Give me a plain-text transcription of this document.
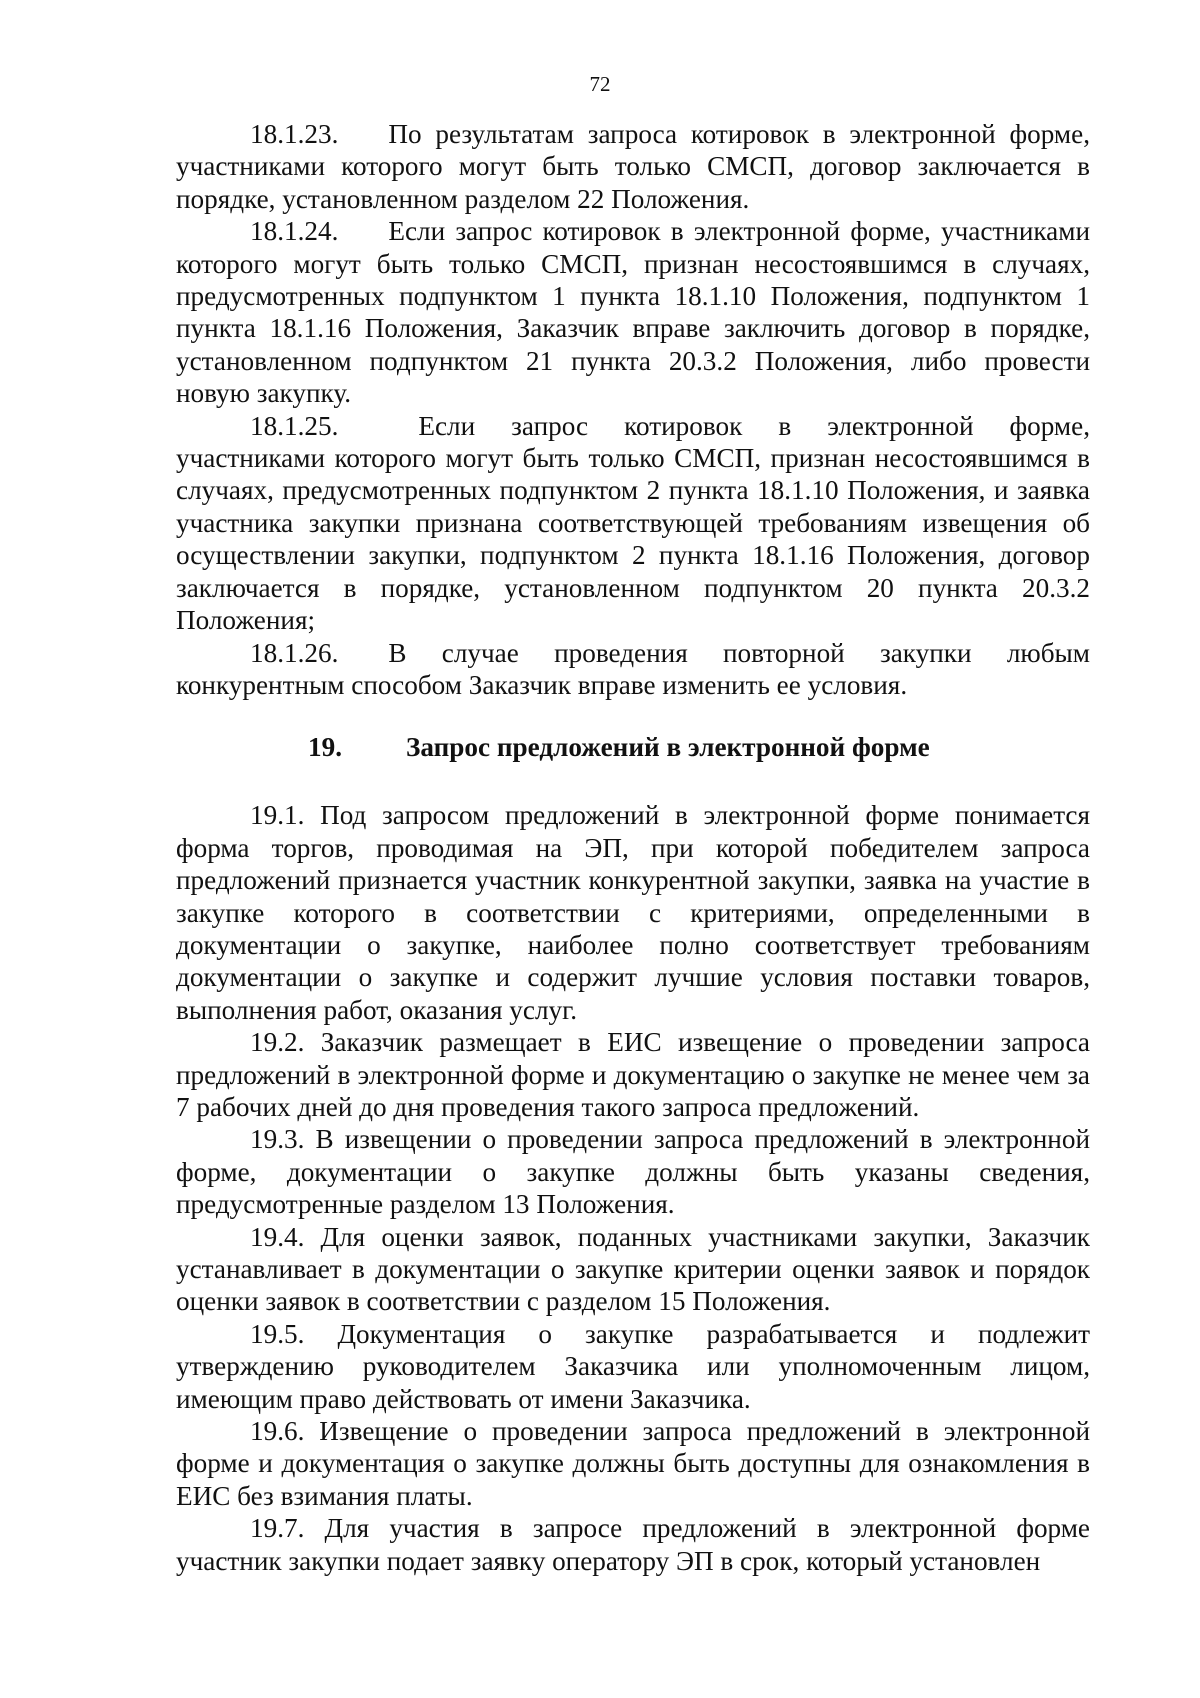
72

18.1.23. По результатам запроса котировок в электронной форме, участниками которого могут быть только СМСП, договор заключается в порядке, установленном разделом 22 Положения.

18.1.24. Если запрос котировок в электронной форме, участниками которого могут быть только СМСП, признан несостоявшимся в случаях, предусмотренных подпунктом 1 пункта 18.1.10 Положения, подпунктом 1 пункта 18.1.16 Положения, Заказчик вправе заключить договор в порядке, установленном подпунктом 21 пункта 20.3.2 Положения, либо провести новую закупку.

18.1.25.	Если запрос котировок в электронной форме, участниками которого могут быть только СМСП, признан несостоявшимся в случаях, предусмотренных подпунктом 2 пункта 18.1.10 Положения, и заявка участника закупки признана соответствующей требованиям извещения об осуществлении закупки, подпунктом 2 пункта 18.1.16 Положения, договор заключается в порядке, установленном подпунктом 20 пункта 20.3.2 Положения;

18.1.26. В случае проведения повторной закупки любым конкурентным способом Заказчик вправе изменить ее условия.

19. Запрос предложений в электронной форме

19.1. Под запросом предложений в электронной форме понимается форма торгов, проводимая на ЭП, при которой победителем запроса предложений признается участник конкурентной закупки, заявка на участие в закупке которого в соответствии с критериями, определенными в документации о закупке, наиболее полно соответствует требованиям документации о закупке и содержит лучшие условия поставки товаров, выполнения работ, оказания услуг.

19.2. Заказчик размещает в ЕИС извещение о проведении запроса предложений в электронной форме и документацию о закупке не менее чем за 7 рабочих дней до дня проведения такого запроса предложений.

19.3. В извещении о проведении запроса предложений в электронной форме, документации о закупке должны быть указаны сведения, предусмотренные разделом 13 Положения.

19.4. Для оценки заявок, поданных участниками закупки, Заказчик устанавливает в документации о закупке критерии оценки заявок и порядок оценки заявок в соответствии с разделом 15 Положения.

19.5. Документация о закупке разрабатывается и подлежит утверждению руководителем Заказчика или уполномоченным лицом, имеющим право действовать от имени Заказчика.

19.6. Извещение о проведении запроса предложений в электронной форме и документация о закупке должны быть доступны для ознакомления в ЕИС без взимания платы.

19.7. Для участия в запросе предложений в электронной форме участник закупки подает заявку оператору ЭП в срок, который установлен
